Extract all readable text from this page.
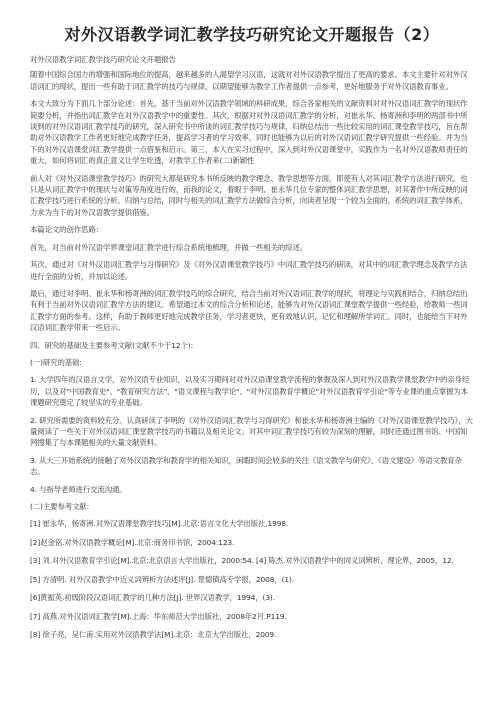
对外汉语教学词汇教学技巧研究论文开题报告（2）
对外汉语教学词汇教学技巧研究论文开题报告
随着中国综合国力的增强和国际地位的提高，越来越多的人渴望学习汉语，这就对对外汉语教学提出了更高的要求。本文主要针对对外汉语词汇的现状，提出一些有助于词汇教学的技巧与规律，以期望能够为教学工作者提供一点参考，更好地服务于对外汉语教育事业。
本文大致分为下面几个部分论述：首先，基于当前对外汉语教学领域的科研成果，综合各家相关的文献资料对对外汉语词汇教学的现状作简要分析，并指出词汇教学在对外汉语教学中的重要性。其次，根据对对外汉语词汇教学的分析，对崔永华、杨寄洲和李明的两部书中所谈到的对外汉语词汇教学技巧的研究，深入研究书中所谈的词汇教学技巧与规律，归纳总结出一些比较实用的词汇课堂教学技巧，旨在帮助对外汉语教学工作者更好地完成教学任务，提高学习者的学习效率，同时也能够为以后的对外汉语词汇教学研究提供一些经验。并为当下的对外汉语课堂词汇教学提供一点借鉴和启示。第三，本人在实习过程中，深入到对外汉语课堂中，实践作为一名对外汉语教师责任的重大，如何将词汇的真正意义让学生吃透，对教学工作者来(二)新颖性
前人对《对外汉语课堂教学技巧》的研究大都是研究本书所反映的教学理念、教学思想等方面，即使有人对其词汇教学方法进行研究，也只是从词汇教学中的现状与对策等角度进行的，而我的论文，着眼于李明、崔永华几位专家的整体词汇教学思想，对其著作中所反映的词汇教学技巧进行系统的分析、归纳与总结，同时与相关的词汇教学方法做综合分析，向读者呈现一个较为全面的、系统的词汇教学体系，力求为当下的对外汉语教学提供借鉴。
本篇论文的创作思路：
首先，对当前对外汉语学界课堂词汇教学进行综合系统地梳理，并做一些相关的综述。
其次，通过对《对外汉语词汇教学与习得研究》及《对外汉语课堂教学技巧》中词汇教学技巧的研读，对其中的词汇教学理念及教学方法进行全面的分析，并加以论述。
最后，通过对李明、崔永华和杨寄洲的词汇教学技巧的综合研究，结合当前对外汉语词汇教学的现状，将理论与实践相结合，归纳总结出有利于当前对外汉语词汇教学方法的建议。希望通过本文的综合分析和论述，能够为对外汉语词汇课堂教学提供一些经验，给教师一些词汇教学方面的参考。这样，有助于教师更好地完成教学任务，学习者更快，更有效地认识，记忆和理解所学词汇。同时，也能给当下对外汉语词汇教学带来一些启示。
四、研究的基础及主要参考文献(文献不少于12个):
(一)研究的基础:
1. 大学四年的汉语言文学，对外汉语专业知识，以及实习期间对对外汉语课堂教学流程的掌握及深入到对外汉语教学课堂教学中的亲身经历，以及对"中国教育史"、"教育研究方法"、"语文课程与教学论"、"对外汉语教育学概论"对外汉语教育学引论"等专业课的重点掌握为本课题研究奠定了较坚实的专业基础。
2. 研究所需要的资料较充分。认真研读了李明的《对外汉语词汇教学与习得研究》和崔永华和杨寄洲主编的《对外汉语课堂教学技巧》，大量阅读了一些关于对外汉语词汇课堂教学技巧的书籍以及相关论文；对其中词汇教学技巧有较为深刻的理解，同时还通过图书馆、中国知网搜集了与本课题相关的大量文献资料。
3. 从大三开始系统的接触了对外汉语教学和教育学的相关知识，闲暇时间会较多的关注《语文教学与研究》、《语文建设》等语文教育杂志。
4. 与指导老师进行交流沟通。
(二)主要参考文献:
[1] 崔永华，杨寄洲.对外汉语课堂教学技巧[M].北京:语言文化大学出版社,1998.
[2]赵金铭.对外汉语教学概论[M].北京:商务印书馆，2004:123.
[3] 刘.对外汉语教育学引论[M].北京:北京语言大学出版社，2000:54. [4] 陈杰.对外汉语教学中的同义词辨析，理论界，2005，12.
[5] 方清明. 对外汉语教学中近义词辨析方法述评[J]. 景德镇高专学报，2008，(1).
[6]黄振英.初级阶段汉语词汇教学的几种方法[J]. 世界汉语教学，1994，(3).
[7] 高燕.对外汉语词汇教学[M].上海：华东师范大学出版社，2008年2月.P119.
[8] 徐子亮，吴仁甫.实用对外汉语教学法[M].北京：北京大学出版社，2009.
